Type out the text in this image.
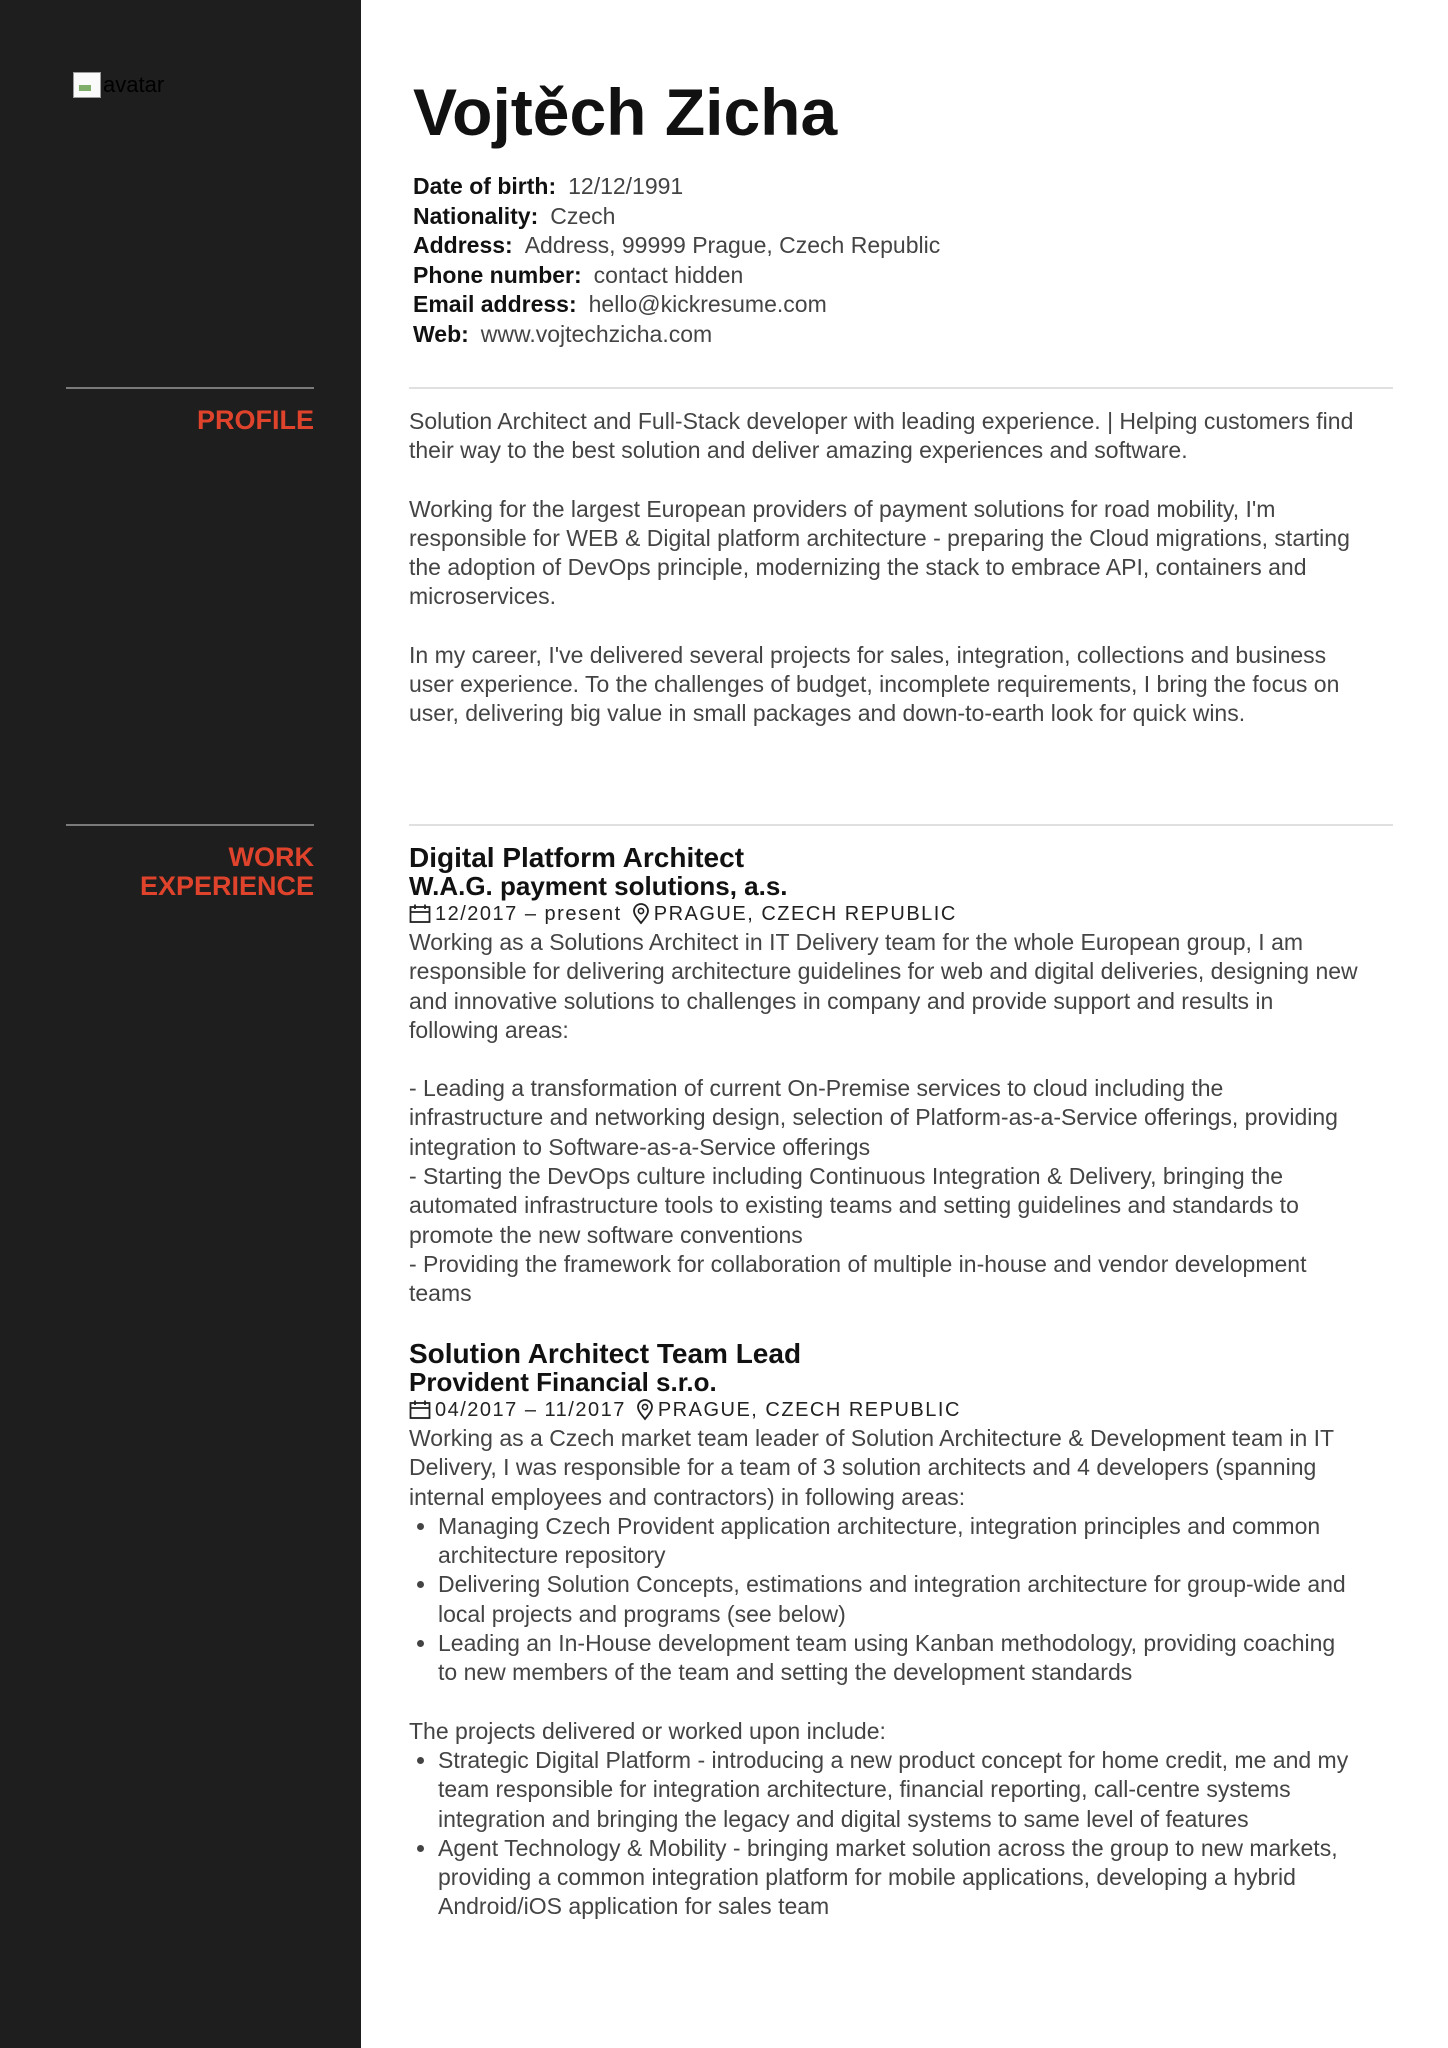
avatar	Vojtěch Zicha
Date of birth: 12/12/1991
Nationality: Czech
Address: Address, 99999 Prague, Czech Republic
Phone number: contact hidden
Email address: hello@kickresume.com
Web: www.vojtechzicha.com
PROFILE	Solution Architect and Full-Stack developer with leading experience. | Helping customers find their way to the best solution and deliver amazing experiences and software.

Working for the largest European providers of payment solutions for road mobility, I'm responsible for WEB & Digital platform architecture - preparing the Cloud migrations, starting the adoption of DevOps principle, modernizing the stack to embrace API, containers and microservices.

In my career, I've delivered several projects for sales, integration, collections and business user experience. To the challenges of budget, incomplete requirements, I bring the focus on user, delivering big value in small packages and down-to-earth look for quick wins.

WORK
EXPERIENCE
Digital Platform Architect
W.A.G. payment solutions, a.s.
12/2017 – present PRAGUE, CZECH REPUBLIC

Working as a Solutions Architect in IT Delivery team for the whole European group, I am responsible for delivering architecture guidelines for web and digital deliveries, designing new and innovative solutions to challenges in company and provide support and results in following areas:

- Leading a transformation of current On-Premise services to cloud including the infrastructure and networking design, selection of Platform-as-a-Service offerings, providing integration to Software-as-a-Service offerings

- Starting the DevOps culture including Continuous Integration & Delivery, bringing the automated infrastructure tools to existing teams and setting guidelines and standards to promote the new software conventions

- Providing the framework for collaboration of multiple in-house and vendor development teams

Solution Architect Team Lead
Provident Financial s.r.o.
04/2017 – 11/2017 PRAGUE, CZECH REPUBLIC

Working as a Czech market team leader of Solution Architecture & Development team in IT Delivery, I was responsible for a team of 3 solution architects and 4 developers (spanning internal employees and contractors) in following areas:

• Managing Czech Provident application architecture, integration principles and common architecture repository
• Delivering Solution Concepts, estimations and integration architecture for group-wide and local projects and programs (see below)
• Leading an In-House development team using Kanban methodology, providing coaching to new members of the team and setting the development standards

The projects delivered or worked upon include:

• Strategic Digital Platform - introducing a new product concept for home credit, me and my team responsible for integration architecture, financial reporting, call-centre systems integration and bringing the legacy and digital systems to same level of features
• Agent Technology & Mobility - bringing market solution across the group to new markets, providing a common integration platform for mobile applications, developing a hybrid Android/iOS application for sales team
